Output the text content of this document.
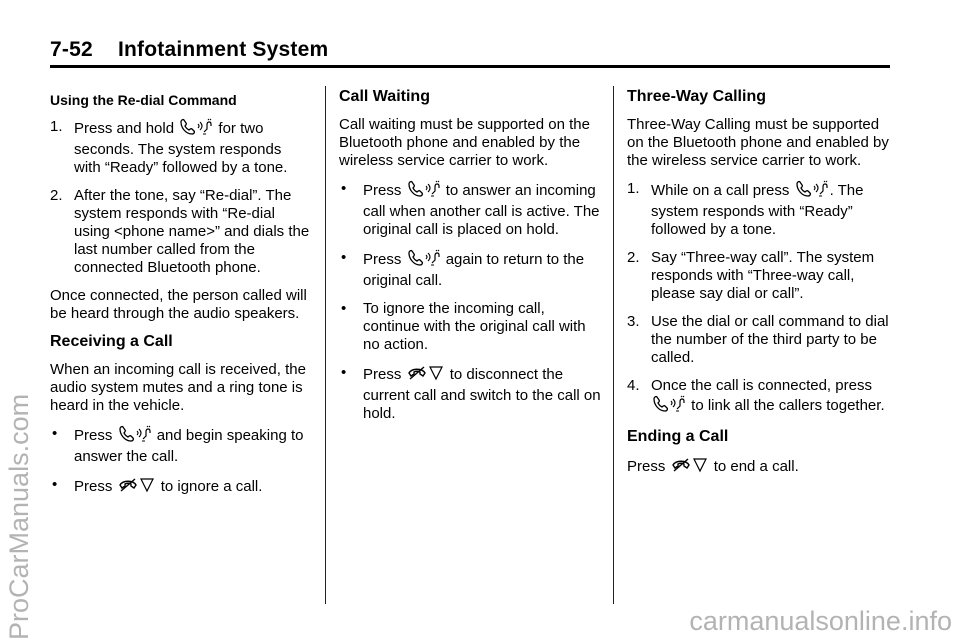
7-52 Infotainment System
Using the Re-dial Command
1. Press and hold	for two seconds. The system responds with “Ready” followed by a tone.
2. After the tone, say “Re-dial”. The system responds with “Re-dial using <phone name>” and dials the last number called from the connected Bluetooth phone.

Once connected, the person called will be heard through the audio speakers.

Receiving a Call

When an incoming call is received, the audio system mutes and a ring tone is heard in the vehicle.

•	Press	and begin speaking to answer the call.
•	Press	to ignore a call.
Call Waiting

Call waiting must be supported on the Bluetooth phone and enabled by the wireless service carrier to work.

•	Press	to answer an incoming call when another call is active. The original call is placed on hold.
•	Press	again to return to the original call.
•	To ignore the incoming call, continue with the original call with no action.
•	Press	to disconnect the current call and switch to the call on hold.
Three-Way Calling

Three-Way Calling must be supported on the Bluetooth phone and enabled by the wireless service carrier to work.

1. While on a call press	. The system responds with “Ready” followed by a tone.
2. Say “Three-way call”. The system responds with “Three-way call, please say dial or call”.
3. Use the dial or call command to dial the number of the third party to be called.
4. Once the call is connected, press  to link all the callers together.
Ending a Call

Press	to end a call.

ProCarManuals.com	carmanualsonline.info
